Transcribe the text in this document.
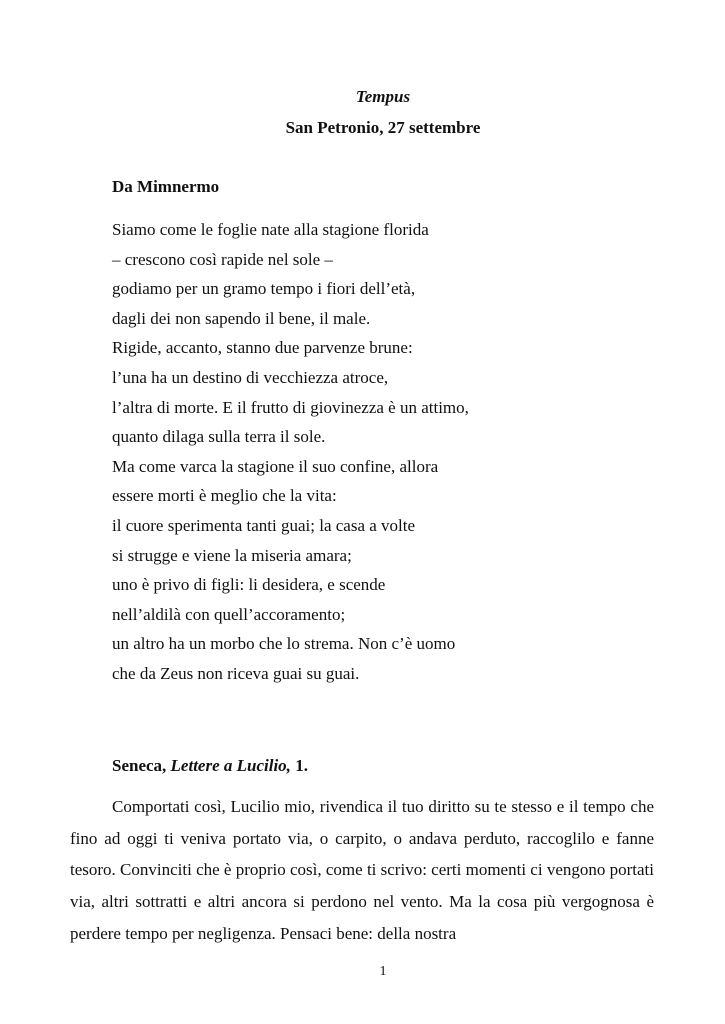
Tempus
San Petronio, 27 settembre
Da Mimnermo
Siamo come le foglie nate alla stagione florida
– crescono così rapide nel sole –
godiamo per un gramo tempo i fiori dell’età,
dagli dei non sapendo il bene, il male.
Rigide, accanto, stanno due parvenze brune:
l’una ha un destino di vecchiezza atroce,
l’altra di morte. E il frutto di giovinezza è un attimo,
quanto dilaga sulla terra il sole.
Ma come varca la stagione il suo confine, allora
essere morti è meglio che la vita:
il cuore sperimenta tanti guai; la casa a volte
si strugge e viene la miseria amara;
uno è privo di figli: li desidera, e scende
nell’aldilà con quell’accoramento;
un altro ha un morbo che lo strema. Non c’è uomo
che da Zeus non riceva guai su guai.
Seneca, Lettere a Lucilio, 1.

Comportati così, Lucilio mio, rivendica il tuo diritto su te stesso e il tempo che fino ad oggi ti veniva portato via, o carpito, o andava perduto, raccoglilo e fanne tesoro. Convinciti che è proprio così, come ti scrivo: certi momenti ci vengono portati via, altri sottratti e altri ancora si perdono nel vento. Ma la cosa più vergognosa è perdere tempo per negligenza. Pensaci bene: della nostra

1
